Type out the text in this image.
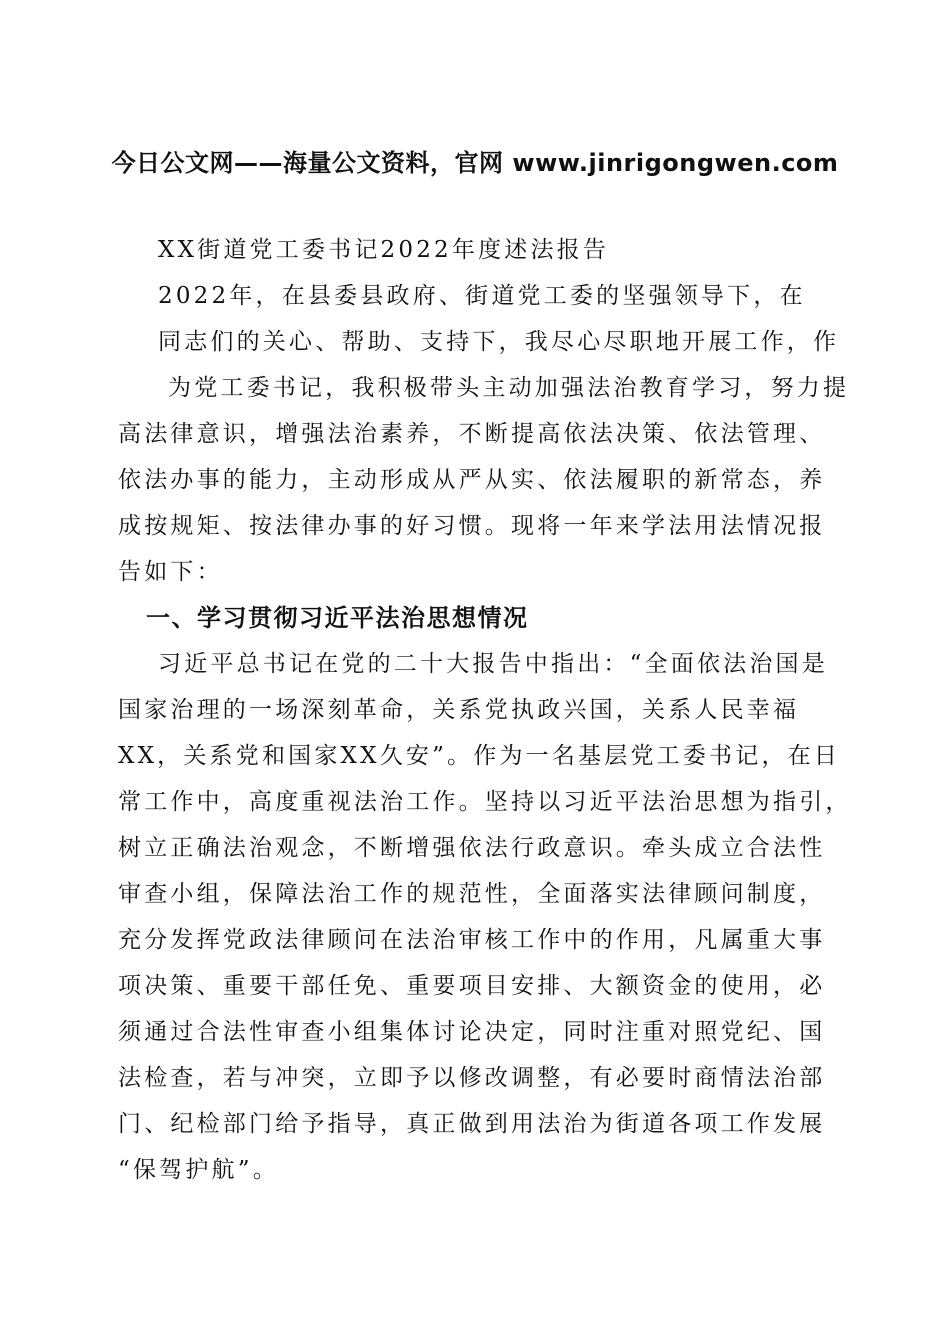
今日公文网——海量公文资料，官网 www.jinrigongwen.com
XX街道党工委书记2022年度述法报告
2022年，在县委县政府、街道党工委的坚强领导下，在
同志们的关心、帮助、支持下，我尽心尽职地开展工作，作
为党工委书记，我积极带头主动加强法治教育学习，努力提
高法律意识，增强法治素养，不断提高依法决策、依法管理、
依法办事的能力，主动形成从严从实、依法履职的新常态，养
成按规矩、按法律办事的好习惯。现将一年来学法用法情况报
告如下：
一、学习贯彻习近平法治思想情况
习近平总书记在党的二十大报告中指出：“全面依法治国是
国家治理的一场深刻革命，关系党执政兴国，关系人民幸福
XX，关系党和国家XX久安”。作为一名基层党工委书记，在日
常工作中，高度重视法治工作。坚持以习近平法治思想为指引，
树立正确法治观念，不断增强依法行政意识。牵头成立合法性
审查小组，保障法治工作的规范性，全面落实法律顾问制度，
充分发挥党政法律顾问在法治审核工作中的作用，凡属重大事
项决策、重要干部任免、重要项目安排、大额资金的使用，必
须通过合法性审查小组集体讨论决定，同时注重对照党纪、国
法检查，若与冲突，立即予以修改调整，有必要时商情法治部
门、纪检部门给予指导，真正做到用法治为街道各项工作发展
“保驾护航”。
